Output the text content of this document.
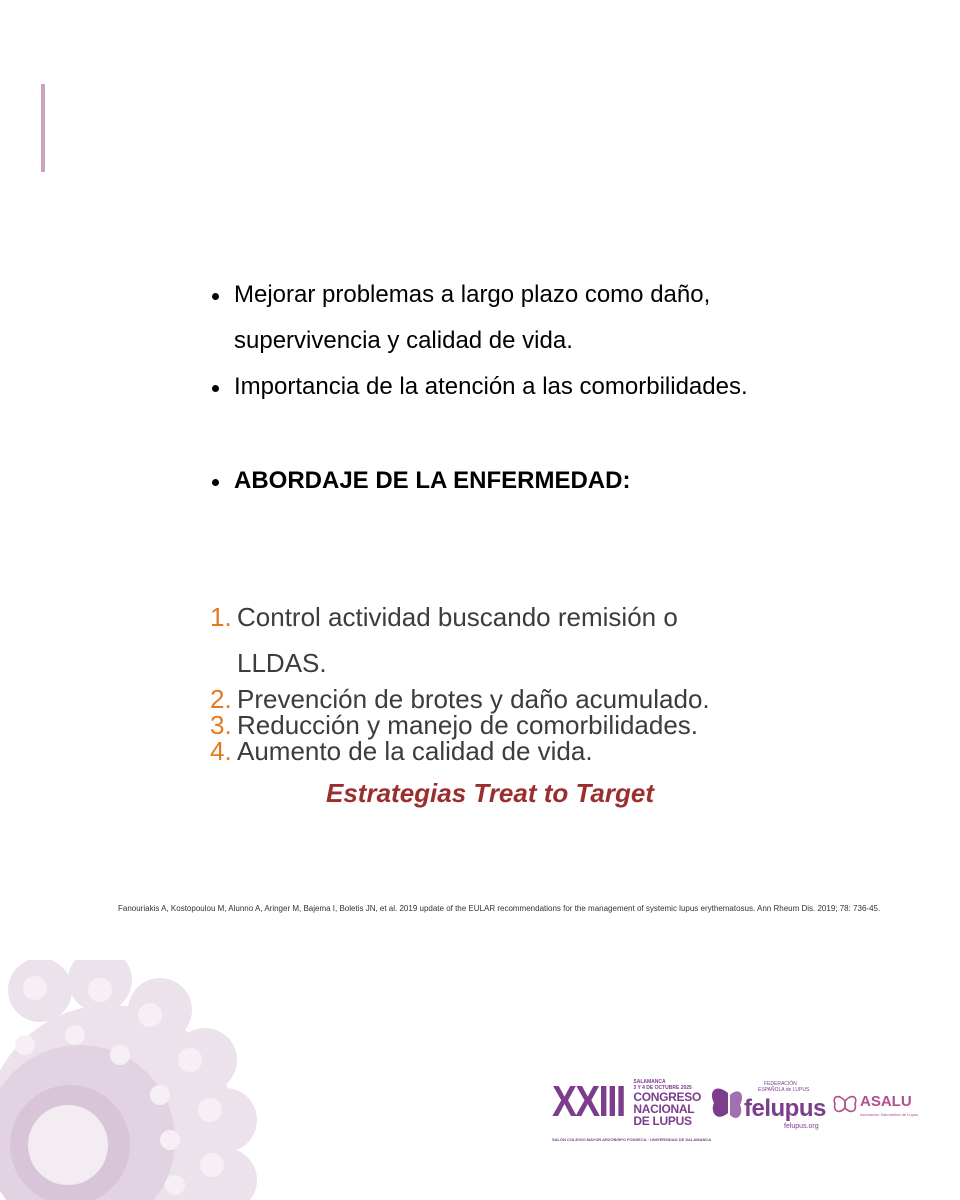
Mejorar problemas a largo plazo como daño, supervivencia y calidad de vida.
Importancia de la atención a las comorbilidades.
ABORDAJE DE LA ENFERMEDAD:
1. Control actividad buscando remisión o LLDAS.
2. Prevención de brotes y daño acumulado.
3. Reducción y manejo de comorbilidades.
4. Aumento de la calidad de vida.
Estrategias Treat to Target
Fanouriakis A, Kostopoulou M, Alunno A, Aringer M, Bajema I, Boletis JN, et al. 2019 update of the EULAR recommendations for the management of systemic lupus erythematosus. Ann Rheum Dis. 2019; 78: 736-45.
XXIII SALAMANCA
3 Y 4 DE OCTUBRE 2025
CONGRESO
NACIONAL
DE LUPUS
SALÓN COLEGIO MAYOR ARZOBISPO FONSECA · UNIVERSIDAD DE SALAMANCA
FEDERACIÓN
ESPAÑOLA de LUPUS
felupus
felupus.org
ASALU
Asociación Salmantina de Lupus
